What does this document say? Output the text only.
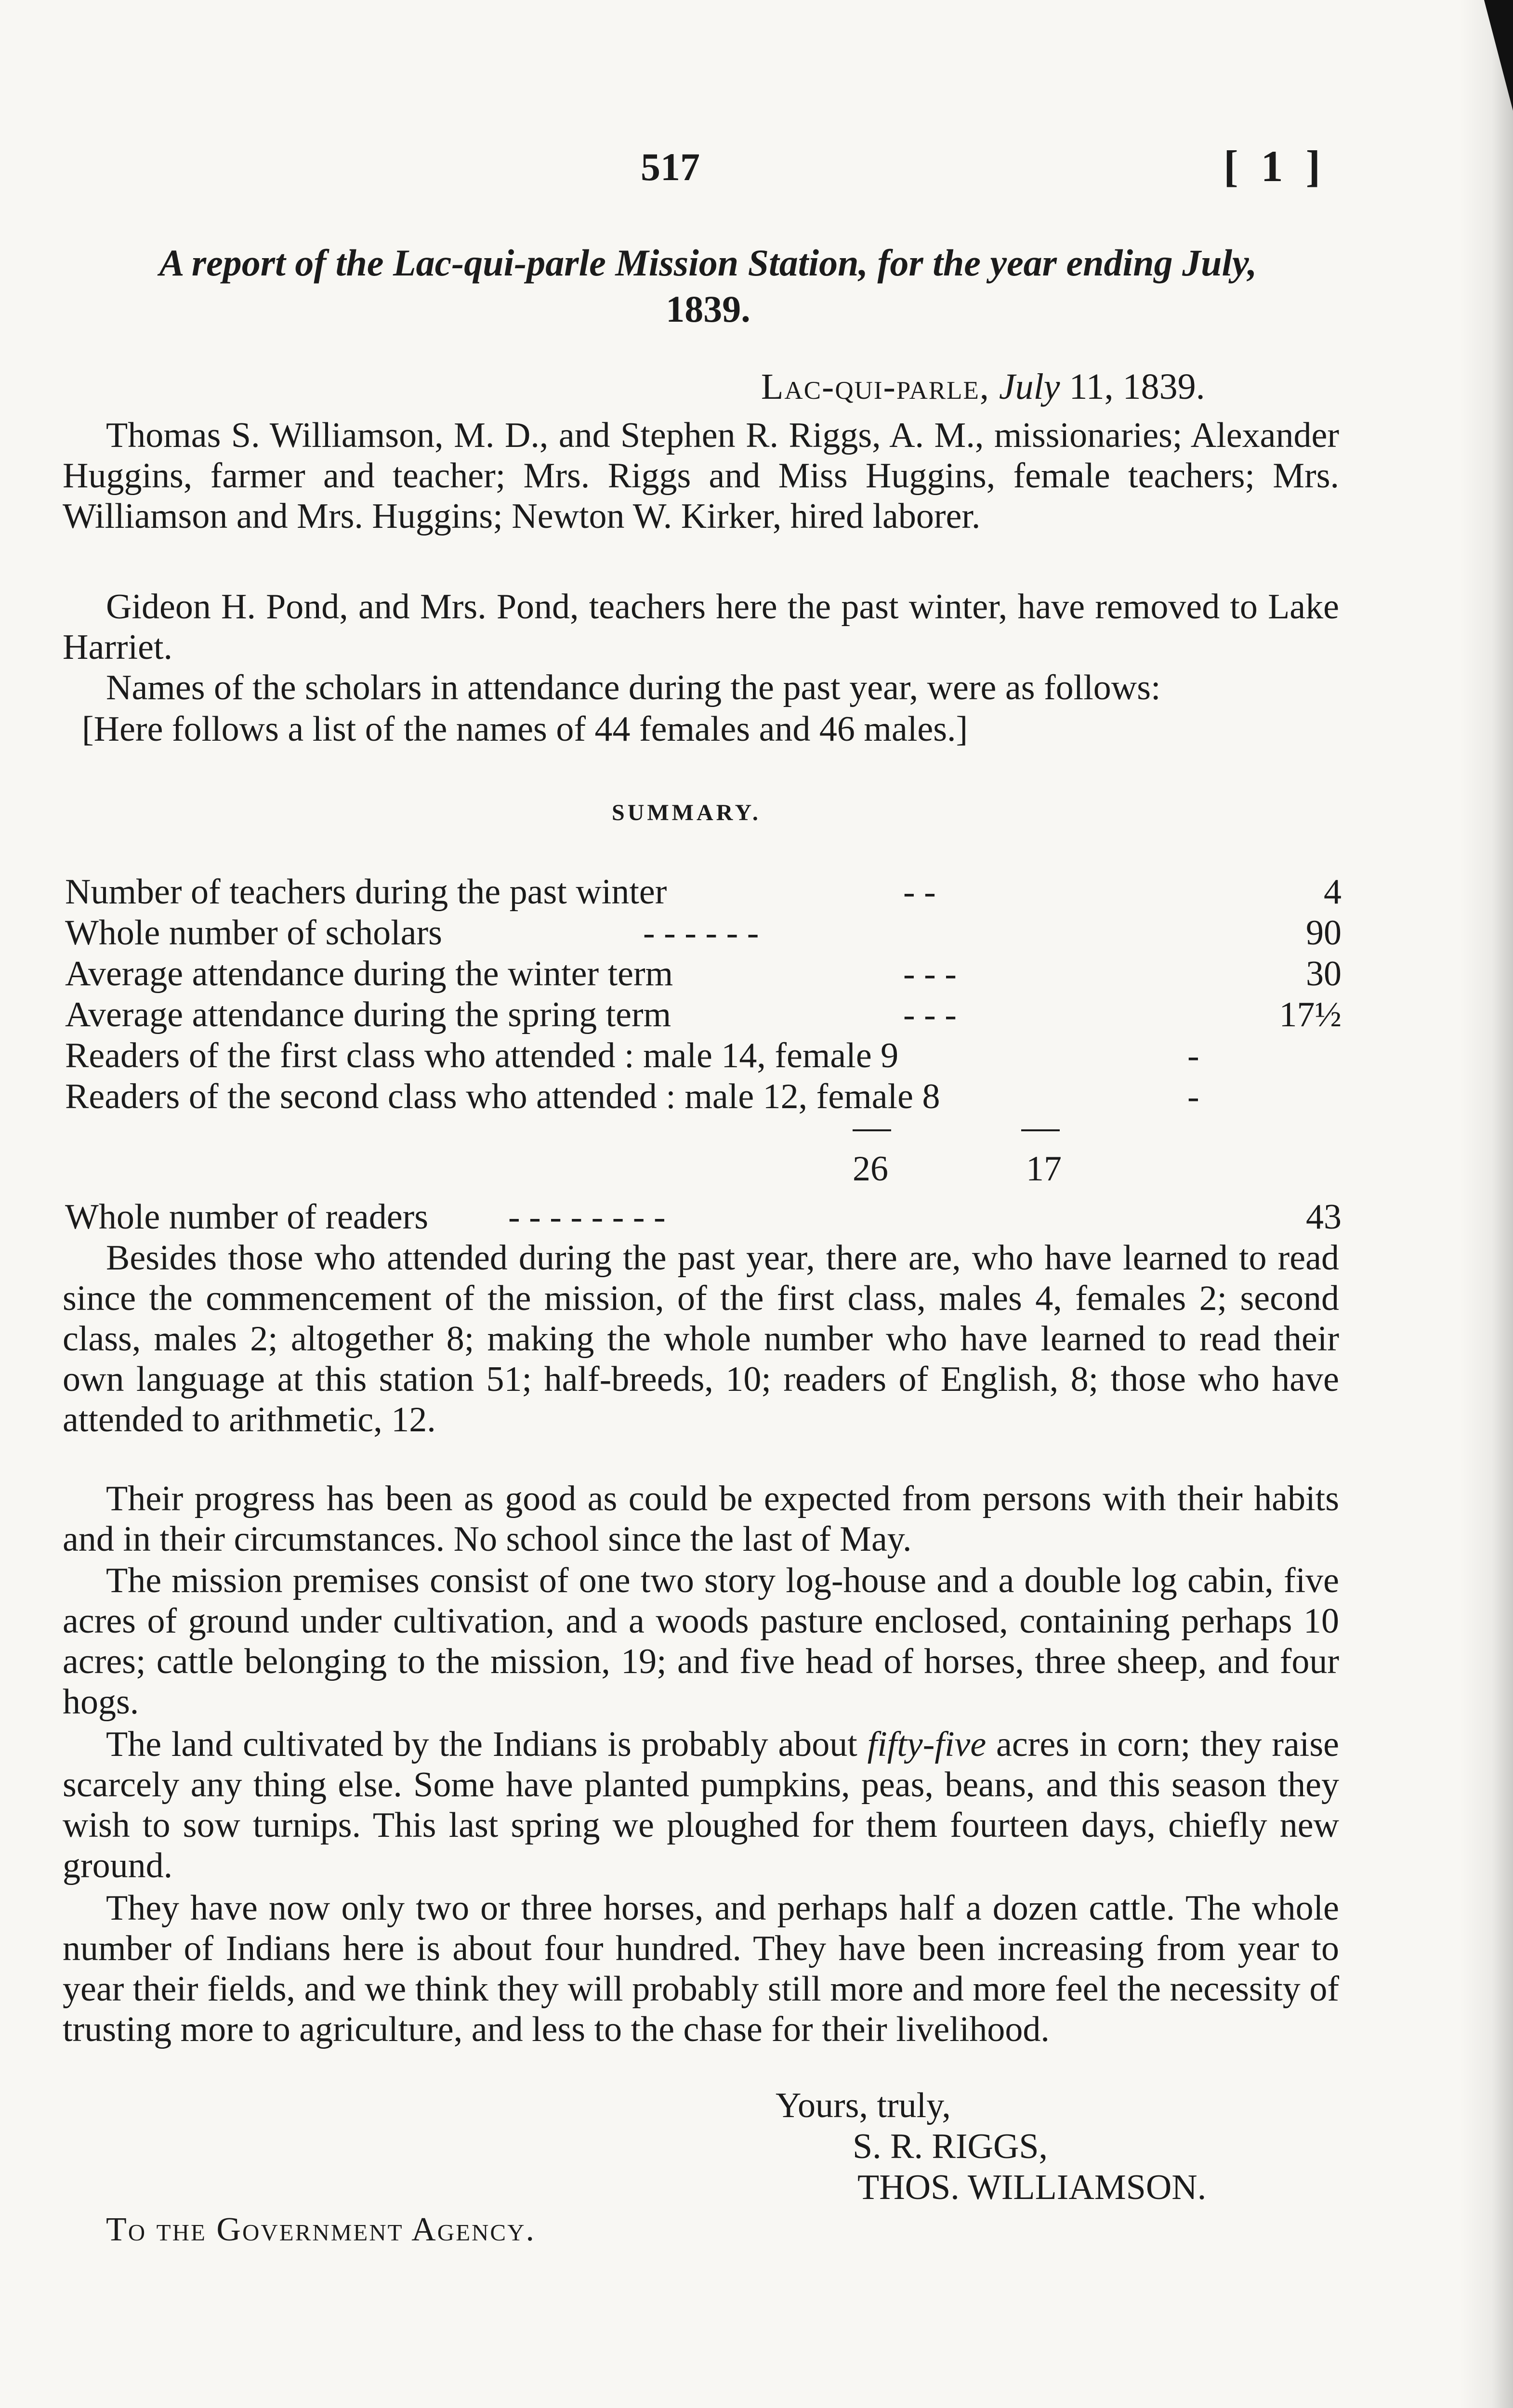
517	[ 1 ]
A report of the Lac-qui-parle Mission Station, for the year ending July,
1839.
Lac-qui-parle, July 11, 1839.
Thomas S. Williamson, M. D., and Stephen R. Riggs, A. M., missionaries; Alexander Huggins, farmer and teacher; Mrs. Riggs and Miss Huggins, female teachers; Mrs. Williamson and Mrs. Huggins; Newton W. Kirker, hired laborer.
Gideon H. Pond, and Mrs. Pond, teachers here the past winter, have removed to Lake Harriet.
Names of the scholars in attendance during the past year, were as follows:
[Here follows a list of the names of 44 females and 46 males.]
SUMMARY.
Number of teachers during the past winter	- -	4
Whole number of scholars	- - - - - -	90
Average attendance during the winter term	- - -	30
Average attendance during the spring term	- - -	17½
Readers of the first class who attended : male 14, female 9	-
Readers of the second class who attended : male 12, female 8	-
26	17
Whole number of readers - - - - - - - -	43
Besides those who attended during the past year, there are, who have learned to read since the commencement of the mission, of the first class, males 4, females 2; second class, males 2; altogether 8; making the whole number who have learned to read their own language at this station 51; half-breeds, 10; readers of English, 8; those who have attended to arithmetic, 12.
Their progress has been as good as could be expected from persons with their habits and in their circumstances. No school since the last of May.
The mission premises consist of one two story log-house and a double log cabin, five acres of ground under cultivation, and a woods pasture enclosed, containing perhaps 10 acres; cattle belonging to the mission, 19; and five head of horses, three sheep, and four hogs.
The land cultivated by the Indians is probably about fifty-five acres in corn; they raise scarcely any thing else. Some have planted pumpkins, peas, beans, and this season they wish to sow turnips. This last spring we ploughed for them fourteen days, chiefly new ground.
They have now only two or three horses, and perhaps half a dozen cattle. The whole number of Indians here is about four hundred. They have been increasing from year to year their fields, and we think they will probably still more and more feel the necessity of trusting more to agriculture, and less to the chase for their livelihood.
Yours, truly,
S. R. RIGGS,
THOS. WILLIAMSON.
To the Government Agency.
